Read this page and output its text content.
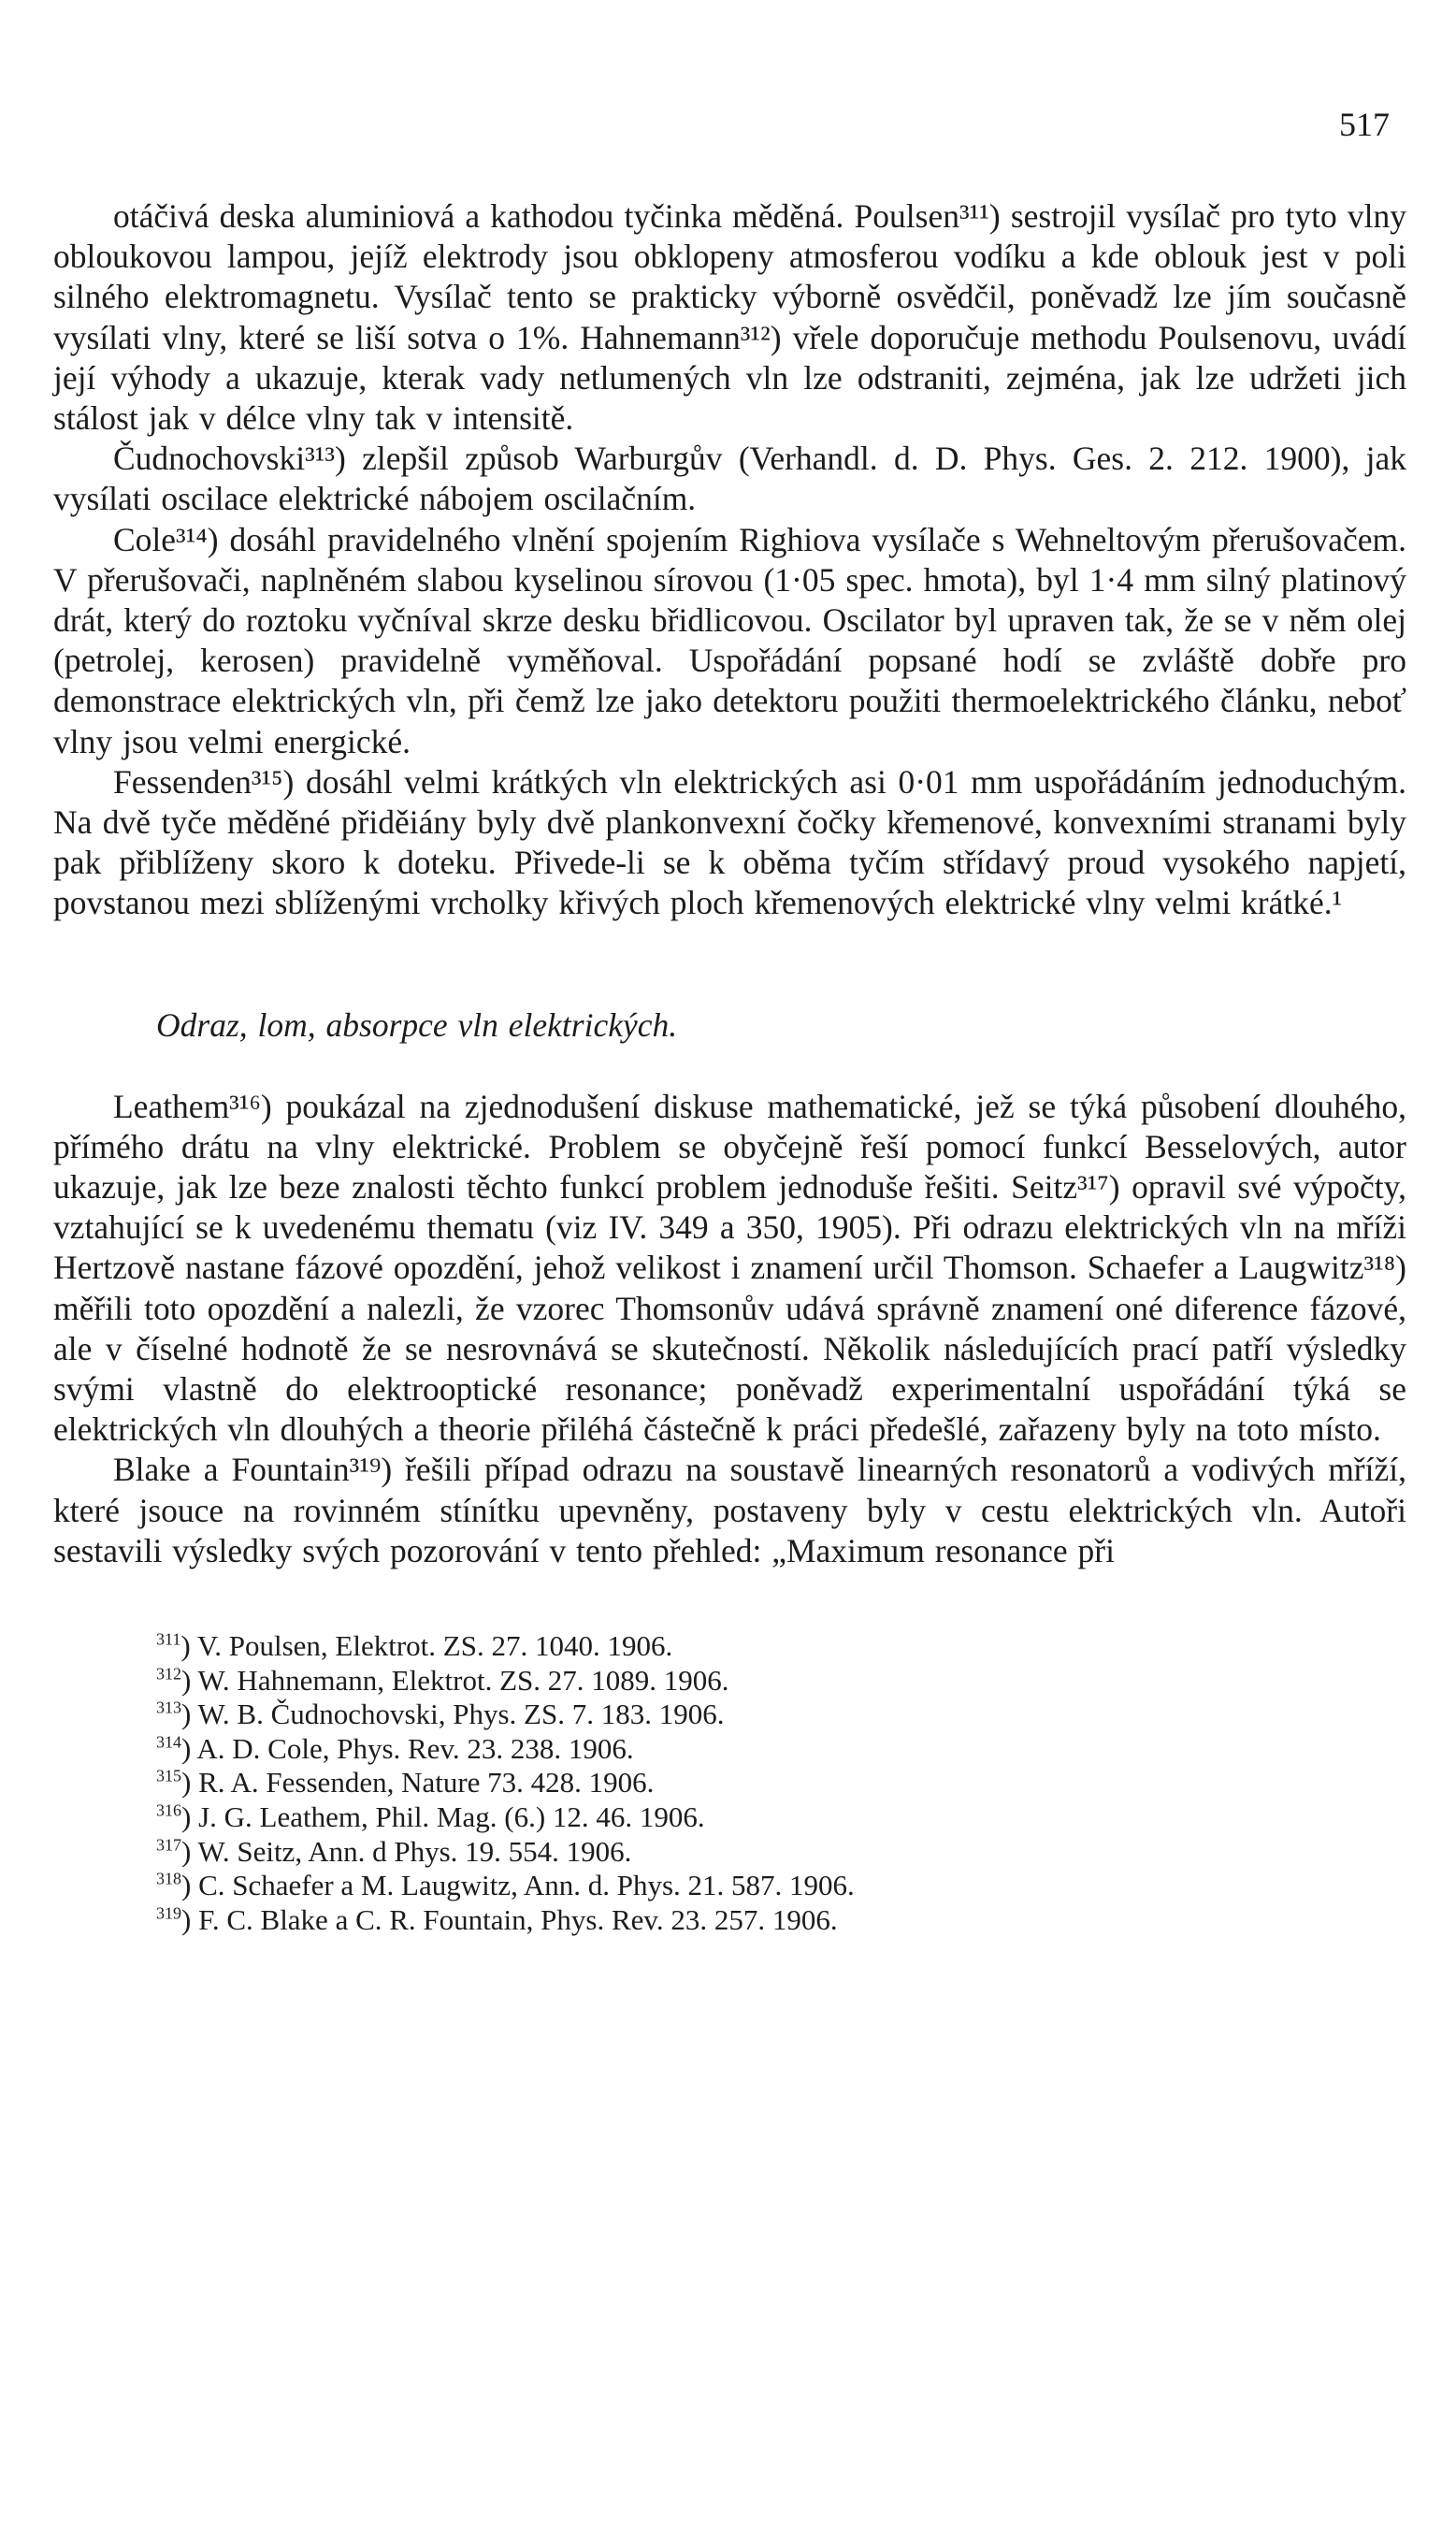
517

otáčivá deska aluminiová a kathodou tyčinka měděná. Poulsen³¹¹) sestrojil vysílač pro tyto vlny obloukovou lampou, jejíž elektrody jsou obklopeny atmosferou vodíku a kde oblouk jest v poli silného elektromagnetu. Vysílač tento se prakticky výborně osvědčil, poněvadž lze jím současně vysílati vlny, které se liší sotva o 1%. Hahnemann³¹²) vřele doporučuje methodu Poulsenovu, uvádí její výhody a ukazuje, kterak vady netlumených vln lze odstraniti, zejména, jak lze udržeti jich stálost jak v délce vlny tak v intensitě.

Čudnochovski³¹³) zlepšil způsob Warburgův (Verhandl. d. D. Phys. Ges. 2. 212. 1900), jak vysílati oscilace elektrické nábojem oscilačním.

Cole³¹⁴) dosáhl pravidelného vlnění spojením Righiova vysílače s Wehneltovým přerušovačem. V přerušovači, naplněném slabou kyselinou sírovou (1·05 spec. hmota), byl 1·4 mm silný platinový drát, který do roztoku vyčníval skrze desku břidlicovou. Oscilator byl upraven tak, že se v něm olej (petrolej, kerosen) pravidelně vyměňoval. Uspořádání popsané hodí se zvláště dobře pro demonstrace elektrických vln, při čemž lze jako detektoru použiti thermoelektrického článku, neboť vlny jsou velmi energické.

Fessenden³¹⁵) dosáhl velmi krátkých vln elektrických asi 0·01 mm uspořádáním jednoduchým. Na dvě tyče měděné přiděiány byly dvě plankonvexní čočky křemenové, konvexními stranami byly pak přiblíženy skoro k doteku. Přivede-li se k oběma tyčím střídavý proud vysokého napjetí, povstanou mezi sblíženými vrcholky křivých ploch křemenových elektrické vlny velmi krátké.¹

Odraz, lom, absorpce vln elektrických.

Leathem³¹⁶) poukázal na zjednodušení diskuse mathematické, jež se týká působení dlouhého, přímého drátu na vlny elektrické. Problem se obyčejně řeší pomocí funkcí Besselových, autor ukazuje, jak lze beze znalosti těchto funkcí problem jednoduše řešiti. Seitz³¹⁷) opravil své výpočty, vztahující se k uvedenému thematu (viz IV. 349 a 350, 1905). Při odrazu elektrických vln na mříži Hertzově nastane fázové opozdění, jehož velikost i znamení určil Thomson. Schaefer a Laugwitz³¹⁸) měřili toto opozdění a nalezli, že vzorec Thomsonův udává správně znamení oné diference fázové, ale v číselné hodnotě že se nesrovnává se skutečností. Několik následujících prací patří výsledky svými vlastně do elektrooptické resonance; poněvadž experimentalní uspořádání týká se elektrických vln dlouhých a theorie přiléhá částečně k práci předešlé, zařazeny byly na toto místo.

Blake a Fountain³¹⁹) řešili případ odrazu na soustavě linearných resonatorů a vodivých mříží, které jsouce na rovinném stínítku upevněny, postaveny byly v cestu elektrických vln. Autoři sestavili výsledky svých pozorování v tento přehled: „Maximum resonance při

$^{311}$) V. Poulsen, Elektrot. ZS. 27. 1040. 1906.
$^{312}$) W. Hahnemann, Elektrot. ZS. 27. 1089. 1906.
$^{313}$) W. B. Čudnochovski, Phys. ZS. 7. 183. 1906.
$^{314}$) A. D. Cole, Phys. Rev. 23. 238. 1906.
$^{315}$) R. A. Fessenden, Nature 73. 428. 1906.
$^{316}$) J. G. Leathem, Phil. Mag. (6.) 12. 46. 1906.
$^{317}$) W. Seitz, Ann. d Phys. 19. 554. 1906.
$^{318}$) C. Schaefer a M. Laugwitz, Ann. d. Phys. 21. 587. 1906.
$^{319}$) F. C. Blake a C. R. Fountain, Phys. Rev. 23. 257. 1906.
